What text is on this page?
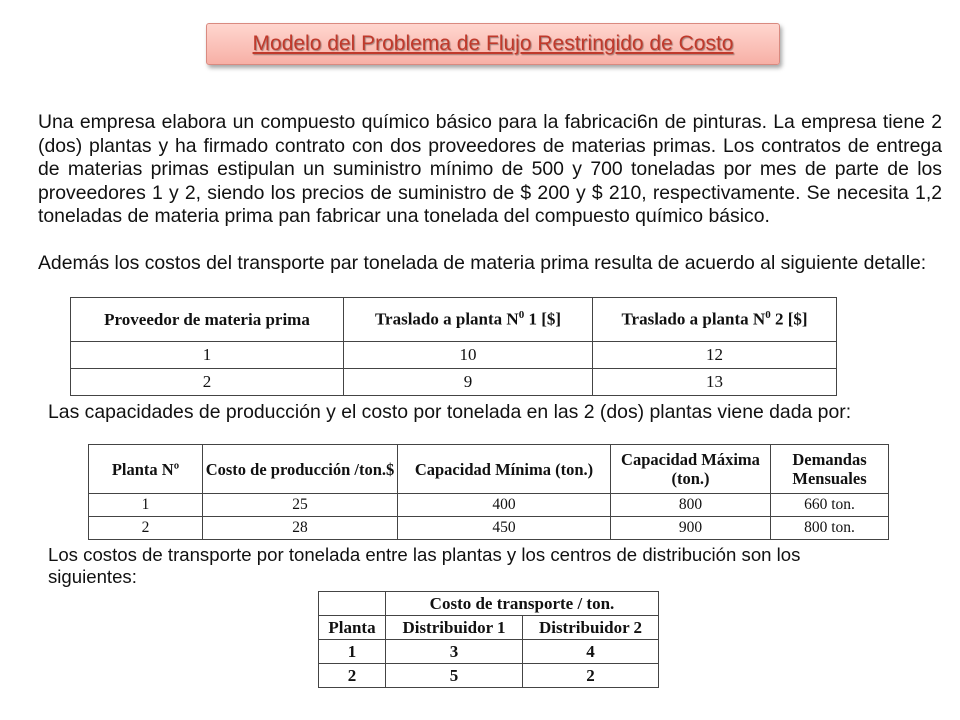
Modelo del Problema de Flujo Restringido de Costo

Una empresa elabora un compuesto químico básico para la fabricaci6n de pinturas. La empresa tiene 2 (dos) plantas y ha firmado contrato con dos proveedores de materias primas. Los contratos de entrega de materias primas estipulan un suministro mínimo de 500 y 700 toneladas por mes de parte de los proveedores 1 y 2, siendo los precios de suministro de $ 200 y $ 210, respectivamente. Se necesita 1,2 toneladas de materia prima pan fabricar una tonelada del compuesto químico básico.

Además los costos del transporte par tonelada de materia prima resulta de acuerdo al siguiente detalle:

Proveedor de materia prima	Traslado a planta $N^0$ 1 [$]	Traslado a planta $N^0$ 2 [$]
1	10	12
2	9	13

Las capacidades de producción y el costo por tonelada en las 2 (dos) plantas viene dada por:

Planta Nº	Costo de producción /ton.$	Capacidad Mínima (ton.)	Capacidad Máxima (ton.)	Demandas Mensuales
1	25	400	800	660 ton.
2	28	450	900	800 ton.

Los costos de transporte por tonelada entre las plantas y los centros de distribución son los siguientes:

	Costo de transporte / ton.	
Planta	Distribuidor 1	Distribuidor 2
1	3	4
2	5	2
